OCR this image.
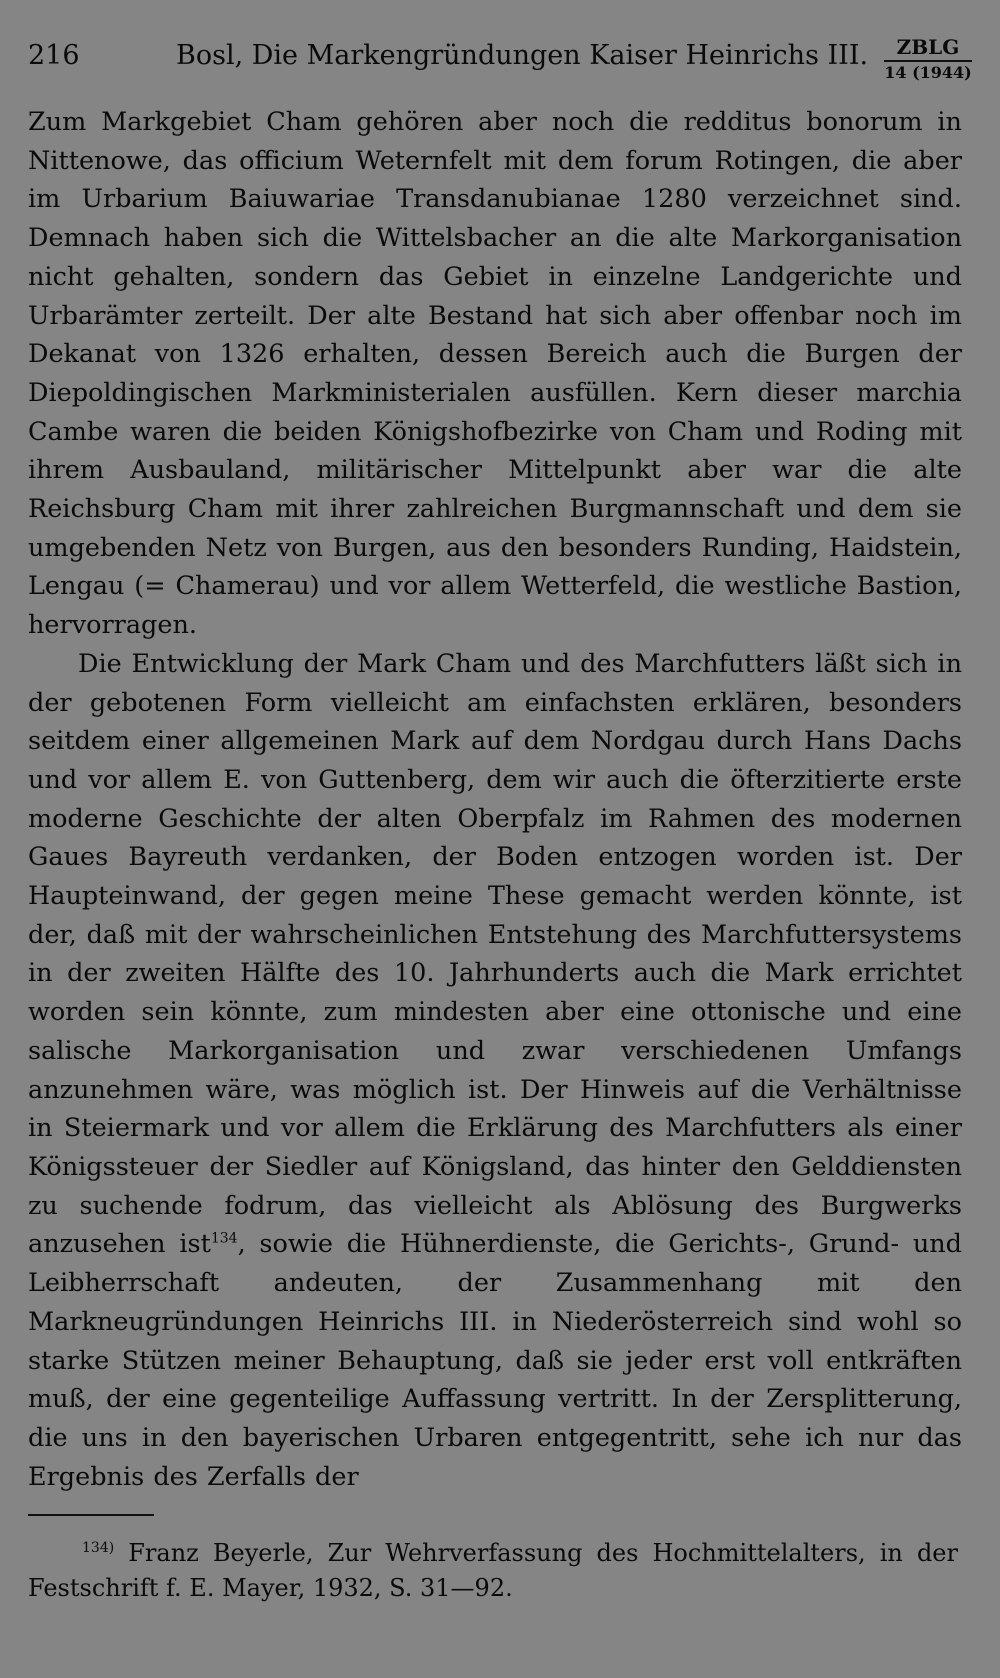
216	Bosl, Die Markengründungen Kaiser Heinrichs III.	ZBLG
14 (1944)

Zum Markgebiet Cham gehören aber noch die redditus bonorum in Nittenowe, das officium Weternfelt mit dem forum Rotingen, die aber im Urbarium Baiuwariae Transdanubianae 1280 verzeichnet sind. Demnach haben sich die Wittelsbacher an die alte Markorganisation nicht gehalten, sondern das Gebiet in einzelne Landgerichte und Urbarämter zerteilt. Der alte Bestand hat sich aber offenbar noch im Dekanat von 1326 erhalten, dessen Bereich auch die Burgen der Diepoldingischen Markministerialen ausfüllen. Kern dieser marchia Cambe waren die beiden Königshofbezirke von Cham und Roding mit ihrem Ausbauland, militärischer Mittelpunkt aber war die alte Reichsburg Cham mit ihrer zahlreichen Burgmannschaft und dem sie umgebenden Netz von Burgen, aus den besonders Runding, Haidstein, Lengau (= Chamerau) und vor allem Wetterfeld, die westliche Bastion, hervorragen.

Die Entwicklung der Mark Cham und des Marchfutters läßt sich in der gebotenen Form vielleicht am einfachsten erklären, besonders seitdem einer allgemeinen Mark auf dem Nordgau durch Hans Dachs und vor allem E. von Guttenberg, dem wir auch die öfterzitierte erste moderne Geschichte der alten Oberpfalz im Rahmen des modernen Gaues Bayreuth verdanken, der Boden entzogen worden ist. Der Haupteinwand, der gegen meine These gemacht werden könnte, ist der, daß mit der wahrscheinlichen Entstehung des Marchfuttersystems in der zweiten Hälfte des 10. Jahrhunderts auch die Mark errichtet worden sein könnte, zum mindesten aber eine ottonische und eine salische Markorganisation und zwar verschiedenen Umfangs anzunehmen wäre, was möglich ist. Der Hinweis auf die Verhältnisse in Steiermark und vor allem die Erklärung des Marchfutters als einer Königssteuer der Siedler auf Königsland, das hinter den Gelddiensten zu suchende fodrum, das vielleicht als Ablösung des Burgwerks anzusehen ist$^{134}$, sowie die Hühnerdienste, die Gerichts-, Grund- und Leibherrschaft andeuten, der Zusammenhang mit den Markneugründungen Heinrichs III. in Niederösterreich sind wohl so starke Stützen meiner Behauptung, daß sie jeder erst voll entkräften muß, der eine gegenteilige Auffassung vertritt. In der Zersplitterung, die uns in den bayerischen Urbaren entgegentritt, sehe ich nur das Ergebnis des Zerfalls der

$^{134)}$ Franz Beyerle, Zur Wehrverfassung des Hochmittelalters, in der Festschrift f. E. Mayer, 1932, S. 31—92.
